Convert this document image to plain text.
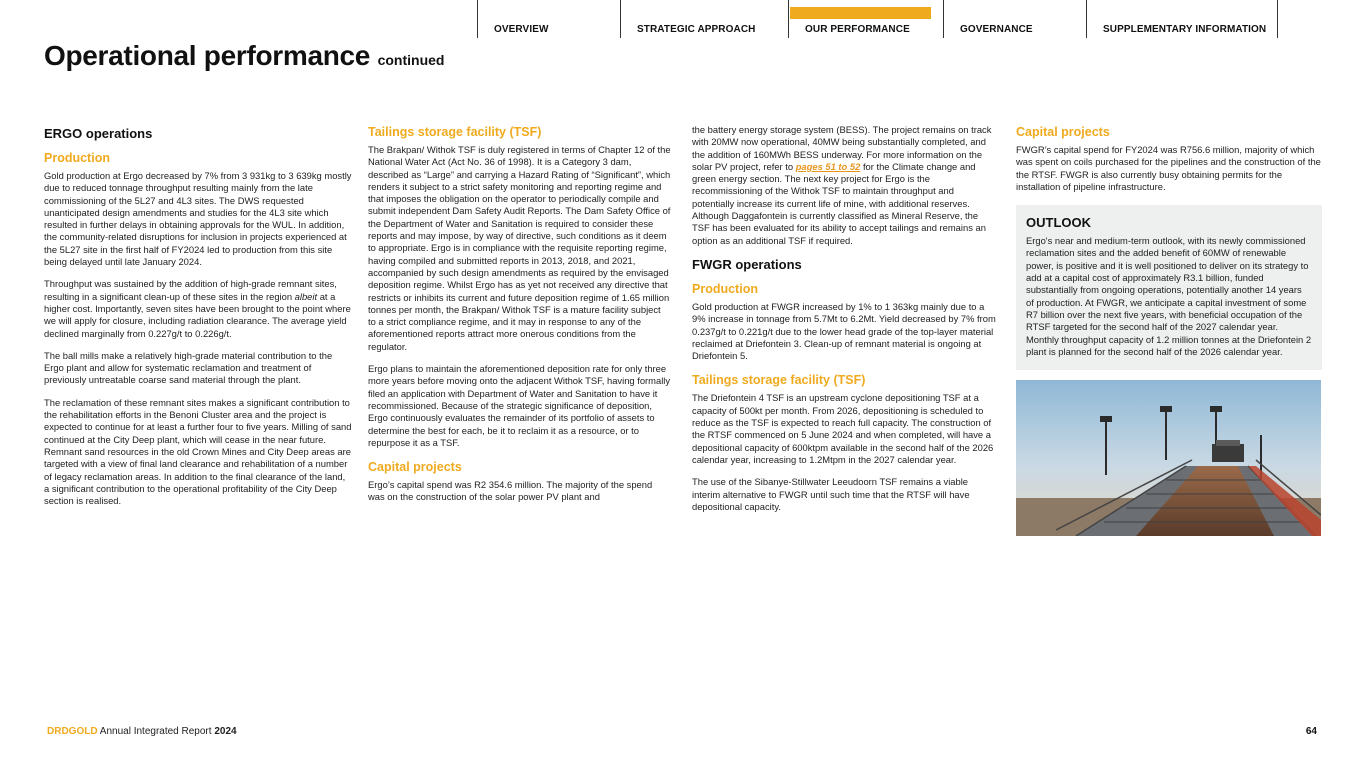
OVERVIEW	STRATEGIC APPROACH	OUR PERFORMANCE	GOVERNANCE	SUPPLEMENTARY INFORMATION
Operational performance continued
ERGO operations
Production

Gold production at Ergo decreased by 7% from 3 931kg to 3 639kg mostly due to reduced tonnage throughput resulting mainly from the late commissioning of the 5L27 and 4L3 sites. The DWS requested unanticipated design amendments and studies for the 4L3 site which resulted in further delays in obtaining approvals for the WUL. In addition, the community-related disruptions for inclusion in projects experienced at the 5L27 site in the first half of FY2024 led to production from this site being delayed until late January 2024.

Throughput was sustained by the addition of high-grade remnant sites, resulting in a significant clean-up of these sites in the region albeit at a higher cost. Importantly, seven sites have been brought to the point where we will apply for closure, including radiation clearance. The average yield declined marginally from 0.227g/t to 0.226g/t.

The ball mills make a relatively high-grade material contribution to the Ergo plant and allow for systematic reclamation and treatment of previously untreatable coarse sand material through the plant.

The reclamation of these remnant sites makes a significant contribution to the rehabilitation efforts in the Benoni Cluster area and the project is expected to continue for at least a further four to five years. Milling of sand continued at the City Deep plant, which will cease in the near future. Remnant sand resources in the old Crown Mines and City Deep areas are targeted with a view of final land clearance and rehabilitation of a number of legacy reclamation areas. In addition to the final clearance of the land, a significant contribution to the operational profitability of the City Deep section is realised.

Tailings storage facility (TSF)

The Brakpan/ Withok TSF is duly registered in terms of Chapter 12 of the National Water Act (Act No. 36 of 1998). It is a Category 3 dam, described as “Large” and carrying a Hazard Rating of “Significant”, which renders it subject to a strict safety monitoring and reporting regime and that imposes the obligation on the operator to periodically compile and submit independent Dam Safety Audit Reports. The Dam Safety Office of the Department of Water and Sanitation is required to consider these reports and may impose, by way of directive, such conditions as it deem to appropriate. Ergo is in compliance with the requisite reporting regime, having compiled and submitted reports in 2013, 2018, and 2021, accompanied by such design amendments as required by the envisaged deposition regime. Whilst Ergo has as yet not received any directive that restricts or inhibits its current and future deposition regime of 1.65 million tonnes per month, the Brakpan/ Withok TSF is a mature facility subject to a strict compliance regime, and it may in response to any of the aforementioned reports attract more onerous conditions from the regulator.

Ergo plans to maintain the aforementioned deposition rate for only three more years before moving onto the adjacent Withok TSF, having formally filed an application with Department of Water and Sanitation to have it recommissioned. Because of the strategic significance of deposition, Ergo continuously evaluates the remainder of its portfolio of assets to determine the best for each, be it to reclaim it as a resource, or to repurpose it as a TSF.

Capital projects

Ergo’s capital spend was R2 354.6 million. The majority of the spend was on the construction of the solar power PV plant and

the battery energy storage system (BESS). The project remains on track with 20MW now operational, 40MW being substantially completed, and the addition of 160MWh BESS underway. For more information on the solar PV project, refer to pages 51 to 52 for the Climate change and green energy section. The next key project for Ergo is the recommissioning of the Withok TSF to maintain throughput and potentially increase its current life of mine, with additional reserves. Although Daggafontein is currently classified as Mineral Reserve, the TSF has been evaluated for its ability to accept tailings and remains an option as an additional TSF if required.

FWGR operations
Production

Gold production at FWGR increased by 1% to 1 363kg mainly due to a 9% increase in tonnage from 5.7Mt to 6.2Mt. Yield decreased by 7% from 0.237g/t to 0.221g/t due to the lower head grade of the top-layer material reclaimed at Driefontein 3. Clean-up of remnant material is ongoing at Driefontein 5.

Tailings storage facility (TSF)

The Driefontein 4 TSF is an upstream cyclone depositioning TSF at a capacity of 500kt per month. From 2026, depositioning is scheduled to reduce as the TSF is expected to reach full capacity. The construction of the RTSF commenced on 5 June 2024 and when completed, will have a depositional capacity of 600ktpm available in the second half of the 2026 calendar year, increasing to 1.2Mtpm in the 2027 calendar year.

The use of the Sibanye-Stillwater Leeudoorn TSF remains a viable interim alternative to FWGR until such time that the RTSF will have depositional capacity.

Capital projects

FWGR’s capital spend for FY2024 was R756.6 million, majority of which was spent on coils purchased for the pipelines and the construction of the the RTSF. FWGR is also currently busy obtaining permits for the installation of pipeline infrastructure.

OUTLOOK

Ergo's near and medium-term outlook, with its newly commissioned reclamation sites and the added benefit of 60MW of renewable power, is positive and it is well positioned to deliver on its strategy to add at a capital cost of approximately R3.1 billion, funded substantially from ongoing operations, potentially another 14 years of production. At FWGR, we anticipate a capital investment of some R7 billion over the next five years, with beneficial occupation of the RTSF targeted for the second half of the 2027 calendar year. Monthly throughput capacity of 1.2 million tonnes at the Driefontein 2 plant is planned for the second half of the 2026 calendar year.

DRDGOLD Annual Integrated Report 2024	64
